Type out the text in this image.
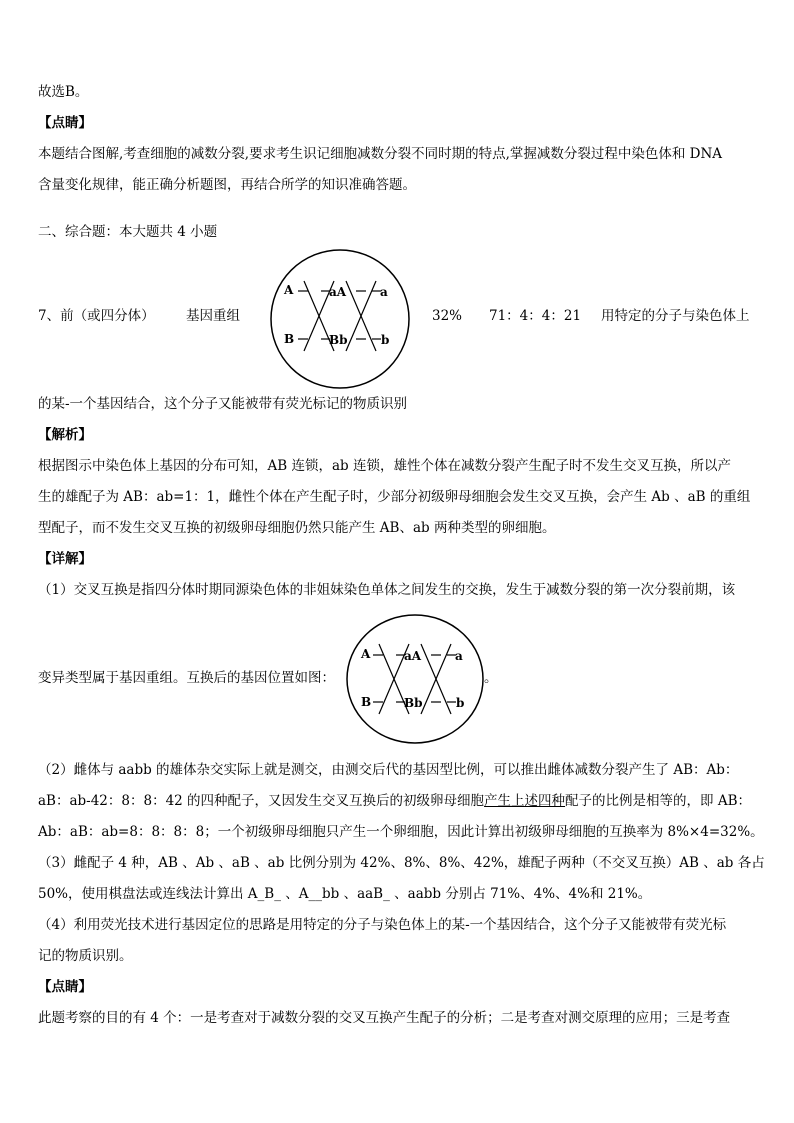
故选B。
【点睛】
本题结合图解,考查细胞的减数分裂,要求考生识记细胞减数分裂不同时期的特点,掌握减数分裂过程中染色体和 DNA
含量变化规律，能正确分析题图，再结合所学的知识准确答题。
二、综合题：本大题共 4 小题
7、前（或四分体） 基因重组
A	aA	a
B	Bb	b
32% 71：4：4：21 用特定的分子与染色体上
的某-一个基因结合，这个分子又能被带有荧光标记的物质识别
【解析】
根据图示中染色体上基因的分布可知，AB 连锁，ab 连锁，雄性个体在减数分裂产生配子时不发生交叉互换，所以产
生的雄配子为 AB：ab=1：1，雌性个体在产生配子时，少部分初级卵母细胞会发生交叉互换，会产生 Ab 、aB 的重组
型配子，而不发生交叉互换的初级卵母细胞仍然只能产生 AB、ab 两种类型的卵细胞。
【详解】
（1）交叉互换是指四分体时期同源染色体的非姐妹染色单体之间发生的交换，发生于减数分裂的第一次分裂前期，该
变异类型属于基因重组。互换后的基因位置如图：
A	aA	a
B	Bb	b
。
（2）雌体与 aabb 的雄体杂交实际上就是测交，由测交后代的基因型比例，可以推出雌体减数分裂产生了 AB：Ab：
aB：ab-42：8：8：42 的四种配子，又因发生交叉互换后的初级卵母细胞产生上述四种配子的比例是相等的，即 AB：
Ab：aB：ab=8：8：8：8；一个初级卵母细胞只产生一个卵细胞，因此计算出初级卵母细胞的互换率为 8%×4=32%。
（3）雌配子 4 种，AB 、Ab 、aB 、ab 比例分别为 42%、8%、8%、42%，雄配子两种（不交叉互换）AB 、ab 各占
50%，使用棋盘法或连线法计算出 A_B_ 、A__bb 、aaB_ 、aabb 分别占 71%、4%、4%和 21%。
（4）利用荧光技术进行基因定位的思路是用特定的分子与染色体上的某-一个基因结合，这个分子又能被带有荧光标
记的物质识别。
【点睛】
此题考察的目的有 4 个：一是考查对于减数分裂的交叉互换产生配子的分析；二是考查对测交原理的应用；三是考查
